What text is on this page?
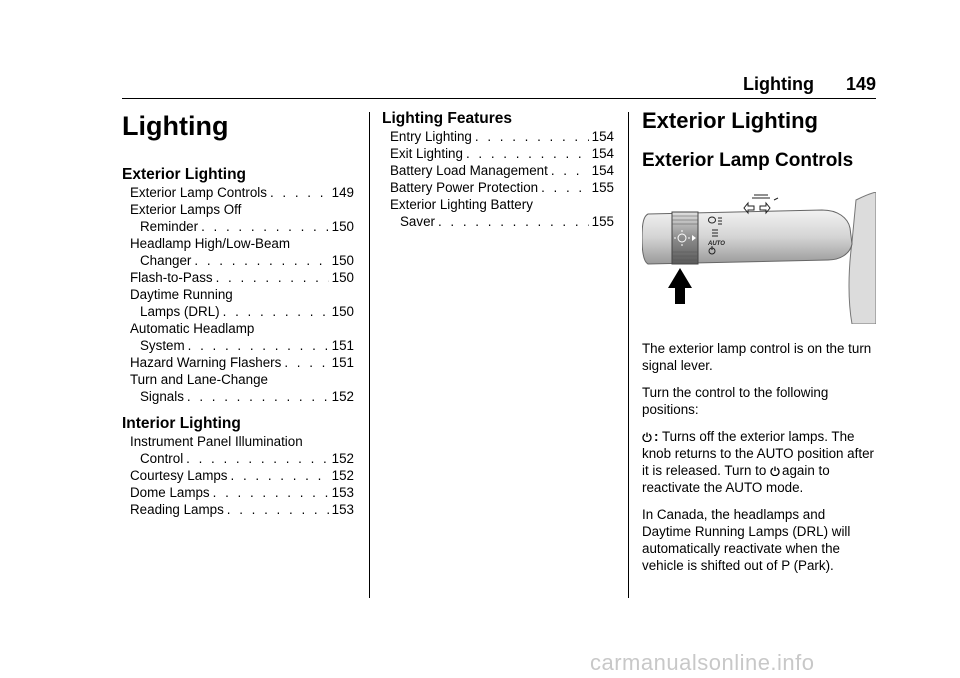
Lighting 149
Lighting
Exterior Lighting
Exterior Lamp Controls . . .	149
Exterior Lamps Off
Reminder . . .	150
Headlamp High/Low-Beam
Changer . . .	150
Flash-to-Pass . . .	150
Daytime Running
Lamps (DRL) . . .	150
Automatic Headlamp
System . . .	151
Hazard Warning Flashers . . .	151
Turn and Lane-Change
Signals . . .	152
Interior Lighting
Instrument Panel Illumination
Control . . .	152
Courtesy Lamps . . .	152
Dome Lamps . . .	153
Reading Lamps . . .	153
Lighting Features
Entry Lighting . . .	154
Exit Lighting . . .	154
Battery Load Management . . .	154
Battery Power Protection . . .	155
Exterior Lighting Battery
Saver . . .	155
Exterior Lighting
Exterior Lamp Controls
AUTO

The exterior lamp control is on the turn signal lever.

Turn the control to the following positions:

: Turns off the exterior lamps. The knob returns to the AUTO position after it is released. Turn to again to reactivate the AUTO mode.

In Canada, the headlamps and Daytime Running Lamps (DRL) will automatically reactivate when the vehicle is shifted out of P (Park).

carmanualsonline.info
